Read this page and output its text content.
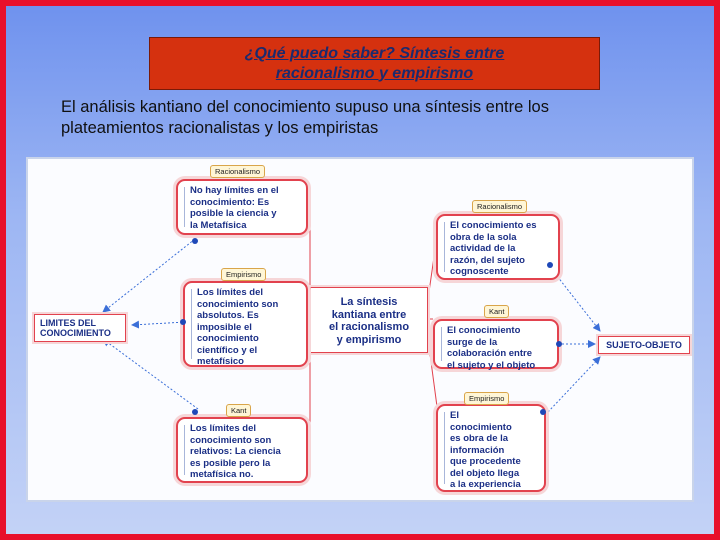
¿Qué puedo saber? Síntesis entre
racionalismo y empirismo
El análisis kantiano del conocimiento supuso una síntesis entre los
plateamientos racionalistas y los empiristas
LIMITES DEL
CONOCIMIENTO
SUJETO-OBJETO
La síntesis
kantiana entre
el racionalismo
y empirismo
No hay límites en el
conocimiento: Es
posible la ciencia y
la Metafísica
Racionalismo
Los límites del
conocimiento son
absolutos. Es
imposible el
conocimiento
científico y el
metafísico
Empirismo
Los límites del
conocimiento son
relativos: La ciencia
es posible pero la
metafísica no.
Kant
El conocimiento es
obra de la sola
actividad de la
razón, del sujeto
cognoscente
Racionalismo
El conocimiento
surge de la
colaboración entre
el sujeto y el objeto
Kant
El
conocimiento
es obra de la
información
que procedente
del objeto llega
a la experiencia
Empirismo
